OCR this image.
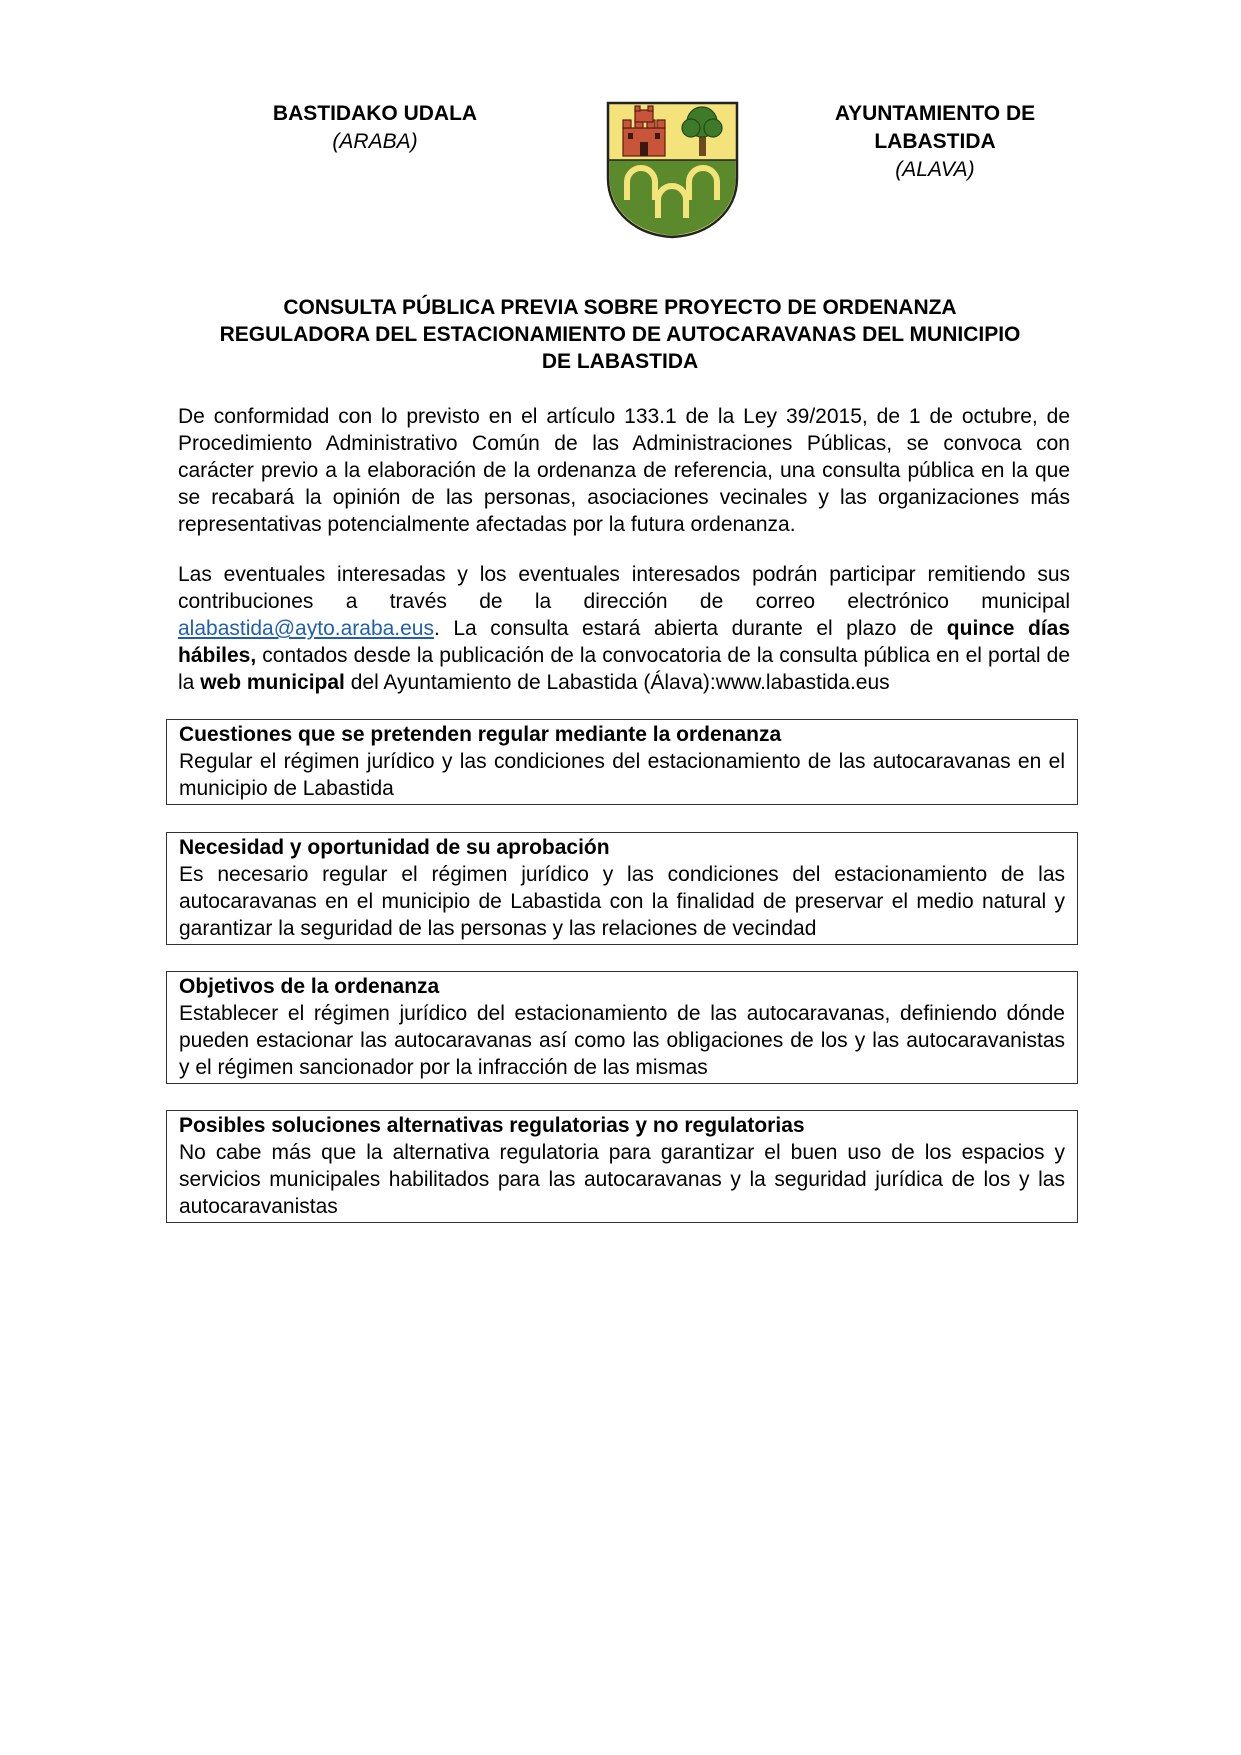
BASTIDAKO UDALA
(ARABA)
AYUNTAMIENTO DE
LABASTIDA
(ALAVA)
CONSULTA PÚBLICA PREVIA SOBRE PROYECTO DE ORDENANZA
REGULADORA DEL ESTACIONAMIENTO DE AUTOCARAVANAS DEL MUNICIPIO
DE LABASTIDA
De conformidad con lo previsto en el artículo 133.1 de la Ley 39/2015, de 1 de octubre, de Procedimiento Administrativo Común de las Administraciones Públicas, se convoca con carácter previo a la elaboración de la ordenanza de referencia, una consulta pública en la que se recabará la opinión de las personas, asociaciones vecinales y las organizaciones más representativas potencialmente afectadas por la futura ordenanza.
Las eventuales interesadas y los eventuales interesados podrán participar remitiendo sus contribuciones a través de la dirección de correo electrónico municipal alabastida@ayto.araba.eus. La consulta estará abierta durante el plazo de quince días hábiles, contados desde la publicación de la convocatoria de la consulta pública en el portal de la web municipal del Ayuntamiento de Labastida (Álava):www.labastida.eus
Cuestiones que se pretenden regular mediante la ordenanza
Regular el régimen jurídico y las condiciones del estacionamiento de las autocaravanas en el municipio de Labastida
Necesidad y oportunidad de su aprobación
Es necesario regular el régimen jurídico y las condiciones del estacionamiento de las autocaravanas en el municipio de Labastida con la finalidad de preservar el medio natural y garantizar la seguridad de las personas y las relaciones de vecindad
Objetivos de la ordenanza
Establecer el régimen jurídico del estacionamiento de las autocaravanas, definiendo dónde pueden estacionar las autocaravanas así como las obligaciones de los y las autocaravanistas y el régimen sancionador por la infracción de las mismas
Posibles soluciones alternativas regulatorias y no regulatorias
No cabe más que la alternativa regulatoria para garantizar el buen uso de los espacios y servicios municipales habilitados para las autocaravanas y la seguridad jurídica de los y las autocaravanistas
